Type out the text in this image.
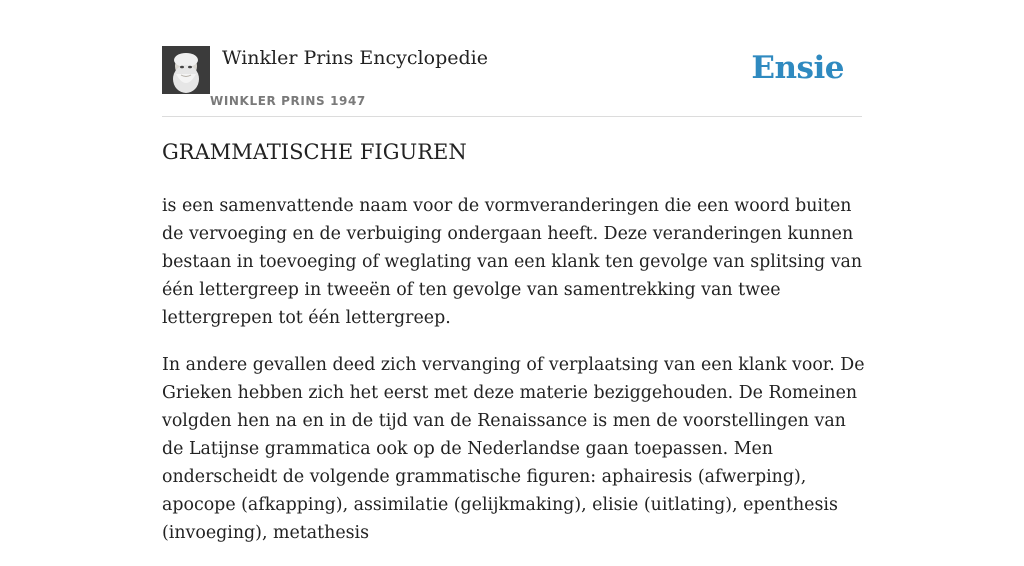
Winkler Prins Encyclopedie
WINKLER PRINS 1947
Ensie
GRAMMATISCHE FIGUREN

is een samenvattende naam voor de vormveranderingen die een woord buiten de vervoeging en de verbuiging ondergaan heeft. Deze veranderingen kunnen bestaan in toevoeging of weglating van een klank ten gevolge van splitsing van één lettergreep in tweeën of ten gevolge van samentrekking van twee lettergrepen tot één lettergreep.

In andere gevallen deed zich vervanging of verplaatsing van een klank voor. De Grieken hebben zich het eerst met deze materie beziggehouden. De Romeinen volgden hen na en in de tijd van de Renaissance is men de voorstellingen van de Latijnse grammatica ook op de Nederlandse gaan toepassen. Men onderscheidt de volgende grammatische figuren: aphairesis (afwerping), apocope (afkapping), assimilatie (gelijkmaking), elisie (uitlating), epenthesis (invoeging), metathesis
